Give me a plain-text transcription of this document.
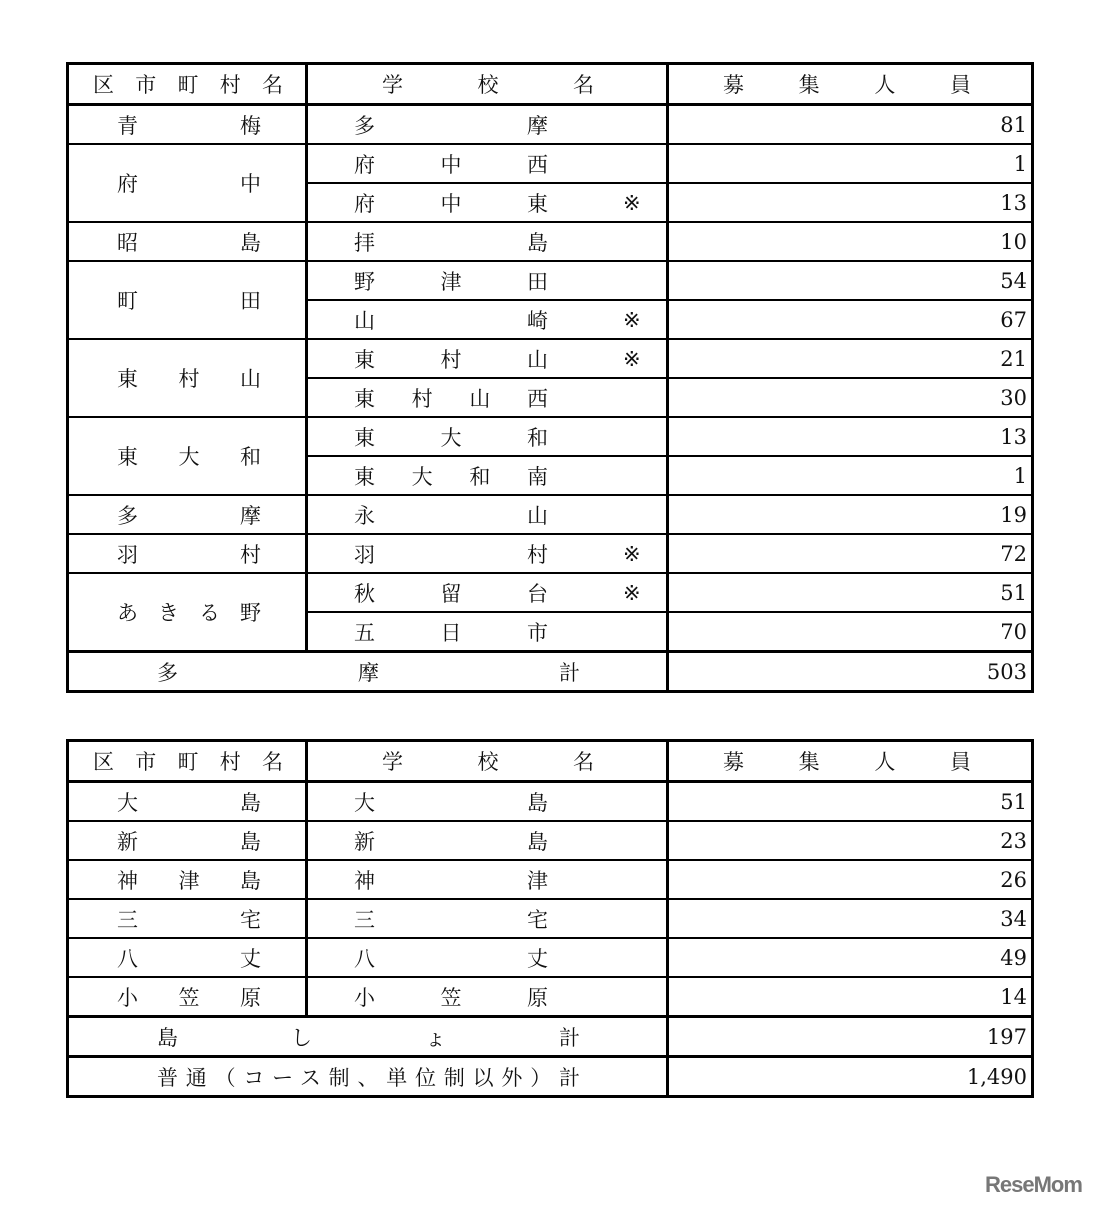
区市町村名	学校名	募集人員

青梅	多摩	81

府中	府中西	1

	府中東 ※	13

昭島	拝島	10

町田	野津田	54

	山崎 ※	67

東村山	東村山 ※	21

	東村山西	30

東大和	東大和	13

	東大和南	1

多摩	永山	19

羽村	羽村 ※	72

あきる野	秋留台 ※	51

	五日市	70

多摩計		503
区市町村名	学校名	募集人員

大島	大島	51

新島	新島	23

神津島	神津	26

三宅	三宅	34

八丈	八丈	49

小笠原	小笠原	14

島しょ計		197

普通（コース制、単位制以外）計		1,490
ReseMom
